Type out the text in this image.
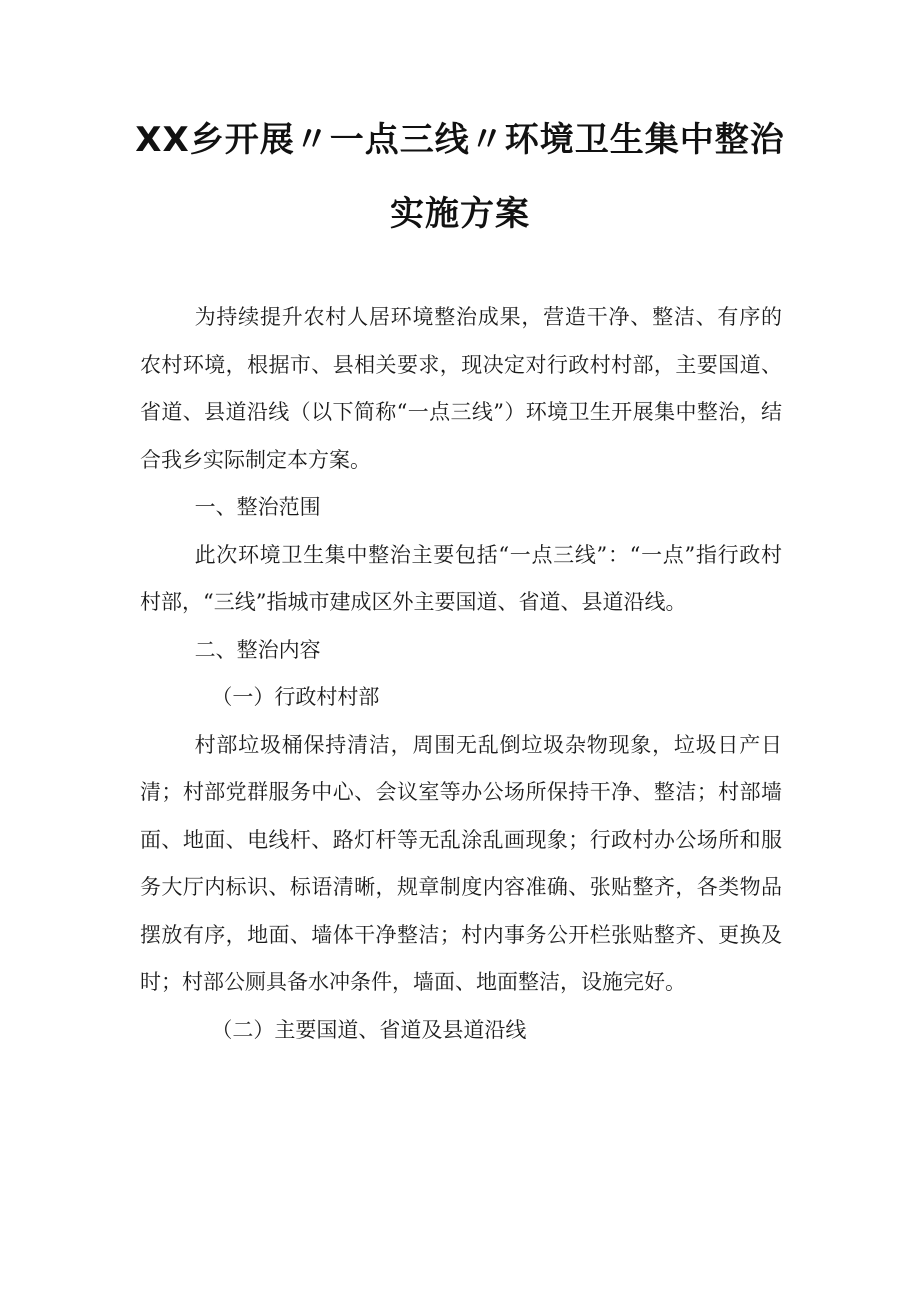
XX乡开展〃一点三线〃环境卫生集中整治
实施方案

为持续提升农村人居环境整治成果，营造干净、整洁、有序的农村环境，根据市、县相关要求，现决定对行政村村部，主要国道、省道、县道沿线（以下简称“一点三线”）环境卫生开展集中整治，结合我乡实际制定本方案。

一、整治范围

此次环境卫生集中整治主要包括“一点三线”：“一点”指行政村村部，“三线”指城市建成区外主要国道、省道、县道沿线。

二、整治内容

（一）行政村村部

村部垃圾桶保持清洁，周围无乱倒垃圾杂物现象，垃圾日产日清；村部党群服务中心、会议室等办公场所保持干净、整洁；村部墙面、地面、电线杆、路灯杆等无乱涂乱画现象；行政村办公场所和服务大厅内标识、标语清晰，规章制度内容准确、张贴整齐，各类物品摆放有序，地面、墙体干净整洁；村内事务公开栏张贴整齐、更换及时；村部公厕具备水冲条件，墙面、地面整洁，设施完好。

（二）主要国道、省道及县道沿线
